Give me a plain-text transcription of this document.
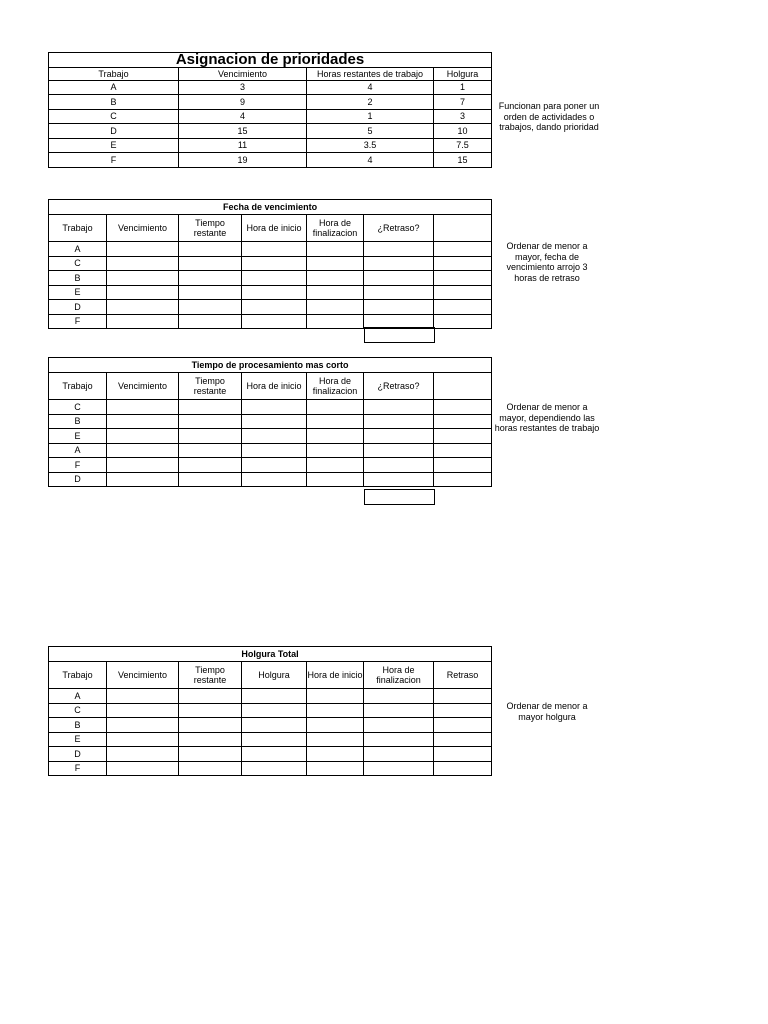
Asignacion de prioridades			
Trabajo	Vencimiento	Horas restantes de trabajo	Holgura
A	3	4	1
B	9	2	7
C	4	1	3
D	15	5	10
E	11	3.5	7.5
F	19	4	15
Funcionan para poner un orden de actividades o trabajos, dando prioridad
Fecha de vencimiento						
Trabajo	Vencimiento	Tiempo restante	Hora de inicio	Hora de finalizacion	¿Retraso?	
A						
C						
B						
E						
D						
F						
Ordenar de menor a mayor, fecha de vencimiento arrojo 3 horas de retraso
Tiempo de procesamiento mas corto						
Trabajo	Vencimiento	Tiempo restante	Hora de inicio	Hora de finalizacion	¿Retraso?	
C						
B						
E						
A						
F						
D						
Ordenar de menor a mayor, dependiendo las horas restantes de trabajo
Holgura Total						
Trabajo	Vencimiento	Tiempo restante	Holgura	Hora de inicio	Hora de finalizacion	Retraso
A						
C						
B						
E						
D						
F						
Ordenar de menor a mayor holgura
